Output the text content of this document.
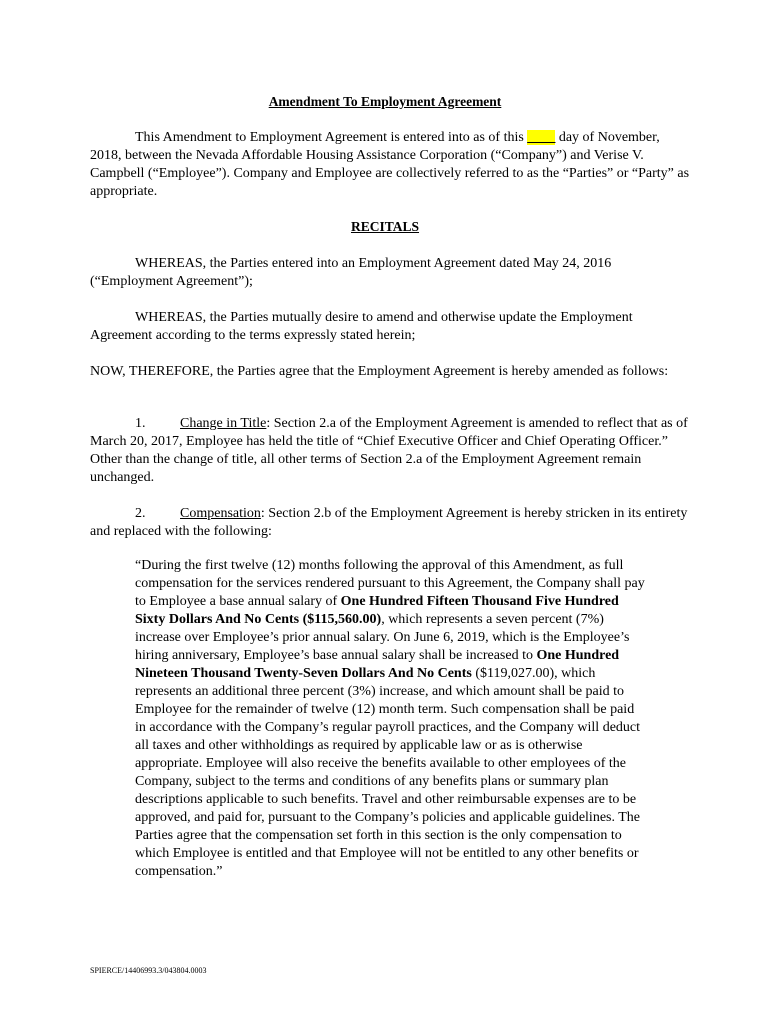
Amendment To Employment Agreement
This Amendment to Employment Agreement is entered into as of this ____ day of November, 2018, between the Nevada Affordable Housing Assistance Corporation (“Company”) and Verise V. Campbell (“Employee”). Company and Employee are collectively referred to as the “Parties” or “Party” as appropriate.
RECITALS
WHEREAS, the Parties entered into an Employment Agreement dated May 24, 2016 (“Employment Agreement”);
WHEREAS, the Parties mutually desire to amend and otherwise update the Employment Agreement according to the terms expressly stated herein;
NOW, THEREFORE, the Parties agree that the Employment Agreement is hereby amended as follows:
1. Change in Title: Section 2.a of the Employment Agreement is amended to reflect that as of March 20, 2017, Employee has held the title of “Chief Executive Officer and Chief Operating Officer.” Other than the change of title, all other terms of Section 2.a of the Employment Agreement remain unchanged.
2. Compensation: Section 2.b of the Employment Agreement is hereby stricken in its entirety and replaced with the following:
“During the first twelve (12) months following the approval of this Amendment, as full compensation for the services rendered pursuant to this Agreement, the Company shall pay to Employee a base annual salary of One Hundred Fifteen Thousand Five Hundred Sixty Dollars And No Cents ($115,560.00), which represents a seven percent (7%) increase over Employee’s prior annual salary. On June 6, 2019, which is the Employee’s hiring anniversary, Employee’s base annual salary shall be increased to One Hundred Nineteen Thousand Twenty-Seven Dollars And No Cents ($119,027.00), which represents an additional three percent (3%) increase, and which amount shall be paid to Employee for the remainder of twelve (12) month term. Such compensation shall be paid in accordance with the Company’s regular payroll practices, and the Company will deduct all taxes and other withholdings as required by applicable law or as is otherwise appropriate. Employee will also receive the benefits available to other employees of the Company, subject to the terms and conditions of any benefits plans or summary plan descriptions applicable to such benefits. Travel and other reimbursable expenses are to be approved, and paid for, pursuant to the Company’s policies and applicable guidelines. The Parties agree that the compensation set forth in this section is the only compensation to which Employee is entitled and that Employee will not be entitled to any other benefits or compensation.”
SPIERCE/14406993.3/043804.0003
